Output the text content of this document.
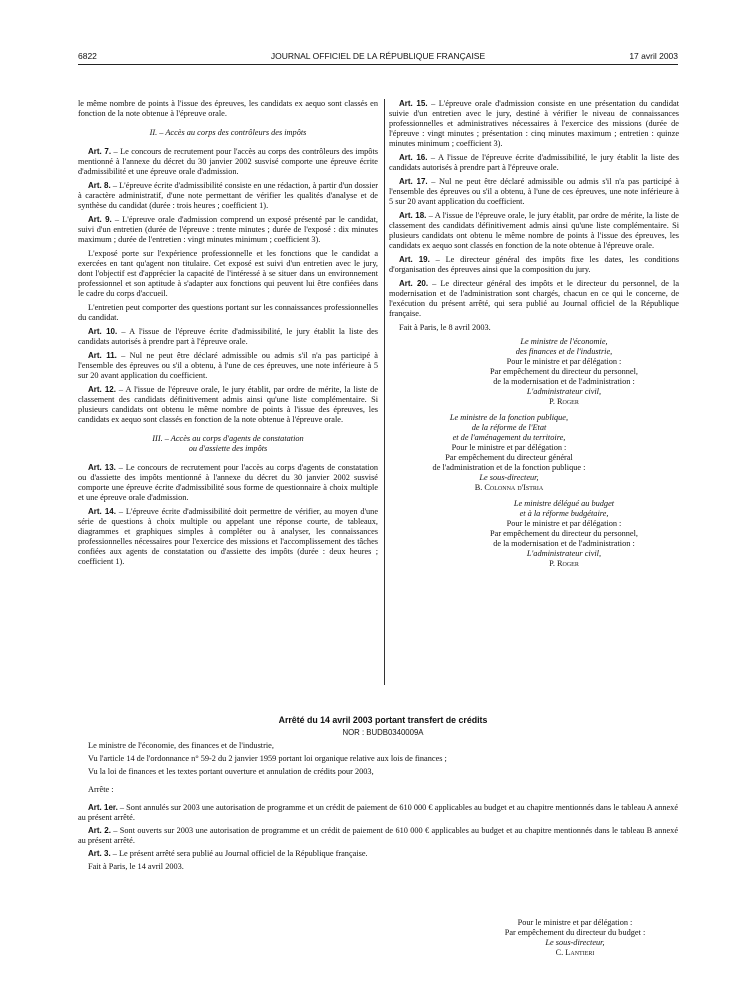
6822	JOURNAL OFFICIEL DE LA RÉPUBLIQUE FRANÇAISE	17 avril 2003

le même nombre de points à l'issue des épreuves, les candidats ex aequo sont classés en fonction de la note obtenue à l'épreuve orale.

II. – Accès au corps des contrôleurs des impôts

Art. 7. – Le concours de recrutement pour l'accès au corps des contrôleurs des impôts mentionné à l'annexe du décret du 30 janvier 2002 susvisé comporte une épreuve écrite d'admissibilité et une épreuve orale d'admission.

Art. 8. – L'épreuve écrite d'admissibilité consiste en une rédaction, à partir d'un dossier à caractère administratif, d'une note permettant de vérifier les qualités d'analyse et de synthèse du candidat (durée : trois heures ; coefficient 1).

Art. 9. – L'épreuve orale d'admission comprend un exposé présenté par le candidat, suivi d'un entretien (durée de l'épreuve : trente minutes ; durée de l'exposé : dix minutes maximum ; durée de l'entretien : vingt minutes minimum ; coefficient 3).

L'exposé porte sur l'expérience professionnelle et les fonctions que le candidat a exercées en tant qu'agent non titulaire. Cet exposé est suivi d'un entretien avec le jury, dont l'objectif est d'apprécier la capacité de l'intéressé à se situer dans un environnement professionnel et son aptitude à s'adapter aux fonctions qui peuvent lui être confiées dans le cadre du corps d'accueil.

L'entretien peut comporter des questions portant sur les connaissances professionnelles du candidat.

Art. 10. – A l'issue de l'épreuve écrite d'admissibilité, le jury établit la liste des candidats autorisés à prendre part à l'épreuve orale.

Art. 11. – Nul ne peut être déclaré admissible ou admis s'il n'a pas participé à l'ensemble des épreuves ou s'il a obtenu, à l'une de ces épreuves, une note inférieure à 5 sur 20 avant application du coefficient.

Art. 12. – A l'issue de l'épreuve orale, le jury établit, par ordre de mérite, la liste de classement des candidats définitivement admis ainsi qu'une liste complémentaire. Si plusieurs candidats ont obtenu le même nombre de points à l'issue des épreuves, les candidats ex aequo sont classés en fonction de la note obtenue à l'épreuve orale.

III. – Accès au corps d'agents de constatation
ou d'assiette des impôts

Art. 13. – Le concours de recrutement pour l'accès au corps d'agents de constatation ou d'assiette des impôts mentionné à l'annexe du décret du 30 janvier 2002 susvisé comporte une épreuve écrite d'admissibilité sous forme de questionnaire à choix multiple et une épreuve orale d'admission.

Art. 14. – L'épreuve écrite d'admissibilité doit permettre de vérifier, au moyen d'une série de questions à choix multiple ou appelant une réponse courte, de tableaux, diagrammes et graphiques simples à compléter ou à analyser, les connaissances professionnelles nécessaires pour l'exercice des missions et l'accomplissement des tâches confiées aux agents de constatation ou d'assiette des impôts (durée : deux heures ; coefficient 1).

Art. 15. – L'épreuve orale d'admission consiste en une présentation du candidat suivie d'un entretien avec le jury, destiné à vérifier le niveau de connaissances professionnelles et administratives nécessaires à l'exercice des missions (durée de l'épreuve : vingt minutes ; présentation : cinq minutes maximum ; entretien : quinze minutes minimum ; coefficient 3).

Art. 16. – A l'issue de l'épreuve écrite d'admissibilité, le jury établit la liste des candidats autorisés à prendre part à l'épreuve orale.

Art. 17. – Nul ne peut être déclaré admissible ou admis s'il n'a pas participé à l'ensemble des épreuves ou s'il a obtenu, à l'une de ces épreuves, une note inférieure à 5 sur 20 avant application du coefficient.

Art. 18. – A l'issue de l'épreuve orale, le jury établit, par ordre de mérite, la liste de classement des candidats définitivement admis ainsi qu'une liste complémentaire. Si plusieurs candidats ont obtenu le même nombre de points à l'issue des épreuves, les candidats ex aequo sont classés en fonction de la note obtenue à l'épreuve orale.

Art. 19. – Le directeur général des impôts fixe les dates, les conditions d'organisation des épreuves ainsi que la composition du jury.

Art. 20. – Le directeur général des impôts et le directeur du personnel, de la modernisation et de l'administration sont chargés, chacun en ce qui le concerne, de l'exécution du présent arrêté, qui sera publié au Journal officiel de la République française.

Fait à Paris, le 8 avril 2003.

Le ministre de l'économie,

des finances et de l'industrie,

Pour le ministre et par délégation :

Par empêchement du directeur du personnel,

de la modernisation et de l'administration :

L'administrateur civil,

P. Roger

Le ministre de la fonction publique,

de la réforme de l'Etat

et de l'aménagement du territoire,

Pour le ministre et par délégation :

Par empêchement du directeur général

de l'administration et de la fonction publique :

Le sous-directeur,

B. Colonna d'Istria

Le ministre délégué au budget

et à la réforme budgétaire,

Pour le ministre et par délégation :

Par empêchement du directeur du personnel,

de la modernisation et de l'administration :

L'administrateur civil,

P. Roger

Arrêté du 14 avril 2003 portant transfert de crédits

NOR : BUDB0340009A

Le ministre de l'économie, des finances et de l'industrie,

Vu l'article 14 de l'ordonnance n° 59-2 du 2 janvier 1959 portant loi organique relative aux lois de finances ;

Vu la loi de finances et les textes portant ouverture et annulation de crédits pour 2003,

Arrête :

Art. 1er. – Sont annulés sur 2003 une autorisation de programme et un crédit de paiement de 610 000 € applicables au budget et au chapitre mentionnés dans le tableau A annexé au présent arrêté.

Art. 2. – Sont ouverts sur 2003 une autorisation de programme et un crédit de paiement de 610 000 € applicables au budget et au chapitre mentionnés dans le tableau B annexé au présent arrêté.

Art. 3. – Le présent arrêté sera publié au Journal officiel de la République française.

Fait à Paris, le 14 avril 2003.

Pour le ministre et par délégation :

Par empêchement du directeur du budget :

Le sous-directeur,

C. Lantieri
